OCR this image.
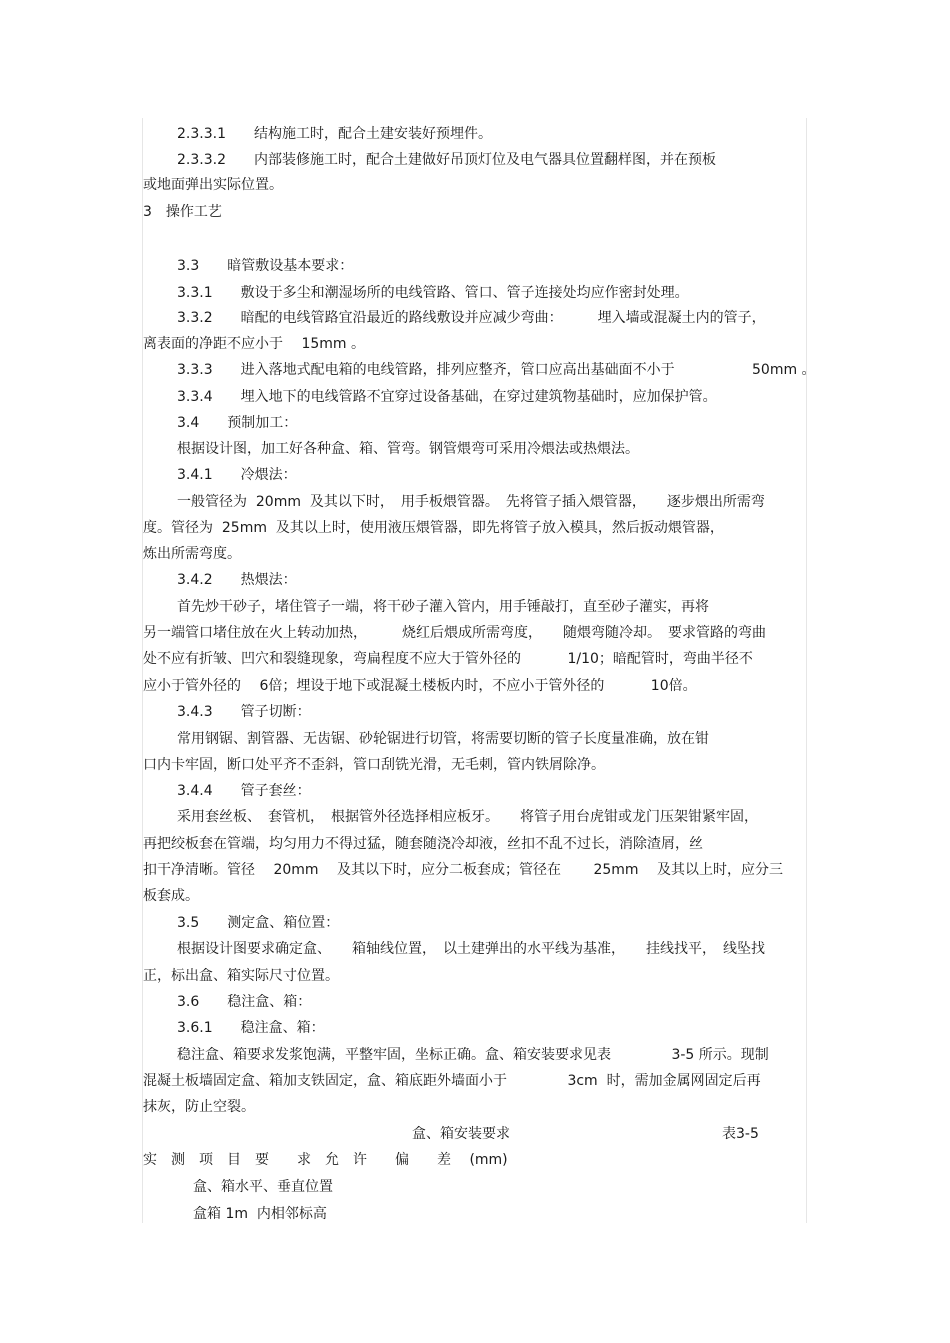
2.3.3.1　　结构施工时，配合土建安装好预埋件。
2.3.3.2　　内部装修施工时，配合土建做好吊顶灯位及电气器具位置翻样图，并在预板
或地面弹出实际位置。
3　操作工艺
3.3　　暗管敷设基本要求：
3.3.1　　敷设于多尘和潮湿场所的电线管路、管口、管子连接处均应作密封处理。
3.3.2　　暗配的电线管路宜沿最近的路线敷设并应减少弯曲：　　　埋入墙或混凝土内的管子，
离表面的净距不应小于　 15mm 。
3.3.3　　进入落地式配电箱的电线管路，排列应整齐，管口应高出基础面不小于	50mm 。
3.3.4　　埋入地下的电线管路不宜穿过设备基础，在穿过建筑物基础时，应加保护管。
3.4　　预制加工：
根据设计图，加工好各种盒、箱、管弯。钢管煨弯可采用冷煨法或热煨法。
3.4.1　　冷煨法：
一般管径为  20mm  及其以下时，　用手板煨管器。　先将管子插入煨管器，　　逐步煨出所需弯
度。管径为  25mm  及其以上时，使用液压煨管器，即先将管子放入模具，然后扳动煨管器，
炼出所需弯度。
3.4.2　　热煨法：
首先炒干砂子，堵住管子一端，将干砂子灌入管内，用手锤敲打，直至砂子灌实，再将
另一端管口堵住放在火上转动加热，　　　烧红后煨成所需弯度，　　随煨弯随冷却。　要求管路的弯曲
处不应有折皱、凹穴和裂缝现象，弯扁程度不应大于管外径的　　　 1/10；暗配管时，弯曲半径不
应小于管外径的　 6倍；埋设于地下或混凝土楼板内时，不应小于管外径的　　　 10倍。
3.4.3　　管子切断：
常用钢锯、割管器、无齿锯、砂轮锯进行切管，将需要切断的管子长度量准确，放在钳
口内卡牢固，断口处平齐不歪斜，管口刮铣光滑，无毛刺，管内铁屑除净。
3.4.4　　管子套丝：
采用套丝板、　套管机，　根据管外径选择相应板牙。　　将管子用台虎钳或龙门压架钳紧牢固，
再把绞板套在管端，均匀用力不得过猛，随套随浇冷却液，丝扣不乱不过长，消除渣屑，丝
扣干净清晰。管径　 20mm　 及其以下时，应分二板套成；管径在　　 25mm　 及其以上时，应分三
板套成。
3.5　　测定盒、箱位置：
根据设计图要求确定盒、　　箱轴线位置，　以土建弹出的水平线为基准，　　挂线找平，　线坠找
正，标出盒、箱实际尺寸位置。
3.6　　稳注盒、箱：
3.6.1　　稳注盒、箱：
稳注盒、箱要求发浆饱满，平整牢固，坐标正确。盒、箱安装要求见表　　　　 3-5 所示。现制
混凝土板墙固定盒、箱加支铁固定，盒、箱底距外墙面小于　　　　 3cm  时，需加金属网固定后再
抹灰，防止空裂。
盒、箱安装要求	表3-5
实　测　项　目　要　　求　允　许　　偏　　差　 (mm)
盒、箱水平、垂直位置
盒箱 1m  内相邻标高
